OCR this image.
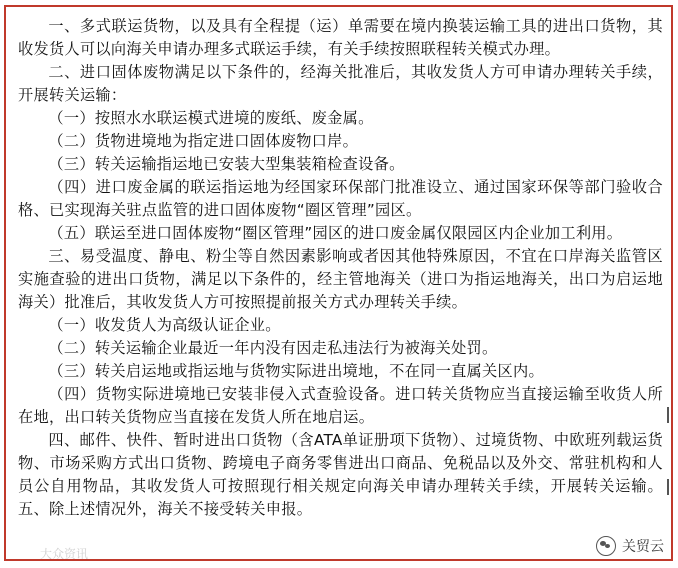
一、多式联运货物，以及具有全程提（运）单需要在境内换装运输工具的进出口货物，其收发货人可以向海关申请办理多式联运手续，有关手续按照联程转关模式办理。

二、进口固体废物满足以下条件的，经海关批准后，其收发货人方可申请办理转关手续，开展转关运输：

（一）按照水水联运模式进境的废纸、废金属。

（二）货物进境地为指定进口固体废物口岸。

（三）转关运输指运地已安装大型集装箱检查设备。

（四）进口废金属的联运指运地为经国家环保部门批准设立、通过国家环保等部门验收合格、已实现海关驻点监管的进口固体废物“圈区管理”园区。

（五）联运至进口固体废物“圈区管理”园区的进口废金属仅限园区内企业加工利用。

三、易受温度、静电、粉尘等自然因素影响或者因其他特殊原因，不宜在口岸海关监管区实施查验的进出口货物，满足以下条件的，经主管地海关（进口为指运地海关，出口为启运地海关）批准后，其收发货人方可按照提前报关方式办理转关手续。

（一）收发货人为高级认证企业。

（二）转关运输企业最近一年内没有因走私违法行为被海关处罚。

（三）转关启运地或指运地与货物实际进出境地，不在同一直属关区内。

（四）货物实际进境地已安装非侵入式查验设备。进口转关货物应当直接运输至收货人所在地，出口转关货物应当直接在发货人所在地启运。

四、邮件、快件、暂时进出口货物（含ATA单证册项下货物）、过境货物、中欧班列载运货物、市场采购方式出口货物、跨境电子商务零售进出口商品、免税品以及外交、常驻机构和人员公自用物品，其收发货人可按照现行相关规定向海关申请办理转关手续，开展转关运输。五、除上述情况外，海关不接受转关申报。

大众资讯	关贸云
